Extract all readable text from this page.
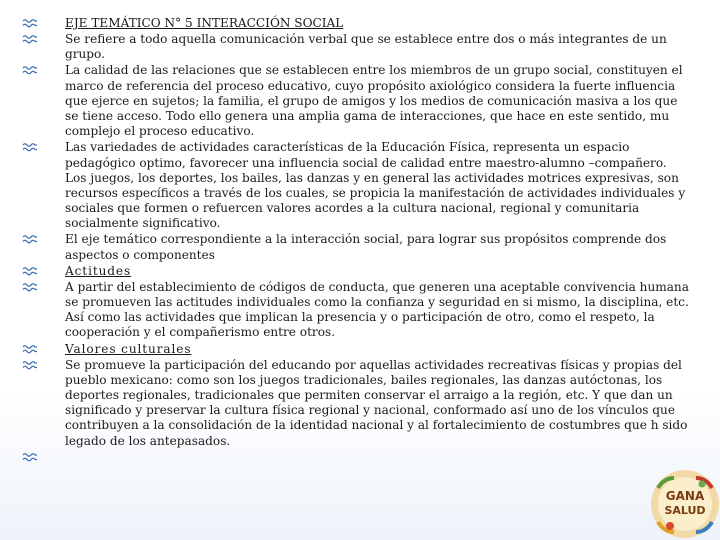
EJE TEMÁTICO N° 5 INTERACCIÓN SOCIAL
Se refiere a todo aquella comunicación verbal que se establece entre dos o más integrantes de un grupo.
La calidad de las relaciones que se establecen entre los miembros de un grupo social, constituyen el marco de referencia del proceso educativo, cuyo propósito axiológico considera la fuerte influencia que ejerce en sujetos; la familia, el grupo de amigos y los medios de comunicación masiva a los que se tiene acceso. Todo ello genera una amplia gama de interacciones, que hace en este sentido, mu complejo el proceso educativo.
Las variedades de actividades características de la Educación Física, representa un espacio pedagógico optimo, favorecer una influencia social de calidad entre maestro-alumno –compañero. Los juegos, los deportes, los bailes, las danzas y en general las actividades motrices expresivas, son recursos específicos a través de los cuales, se propicia la manifestación de actividades individuales y sociales que formen o refuercen valores acordes a la cultura nacional, regional y comunitaria socialmente significativo.
El eje temático correspondiente a la interacción social, para lograr sus propósitos comprende dos aspectos o componentes
Actitudes
A partir del establecimiento de códigos de conducta, que generen una aceptable convivencia humana se promueven las actitudes individuales como la confianza y seguridad en si mismo, la disciplina, etc. Así como las actividades que implican la presencia y o participación de otro, como el respeto, la cooperación y el compañerismo entre otros.
Valores culturales
Se promueve la participación del educando por aquellas actividades recreativas físicas y propias del pueblo mexicano: como son los juegos tradicionales, bailes regionales, las danzas autóctonas, los deportes regionales, tradicionales que permiten conservar el arraigo a la región, etc. Y que dan un significado y preservar la cultura física regional y nacional, conformado así uno de los vínculos que contribuyen a la consolidación de la identidad nacional y al fortalecimiento de costumbres que h sido legado de los antepasados.
GANA
SALUD
